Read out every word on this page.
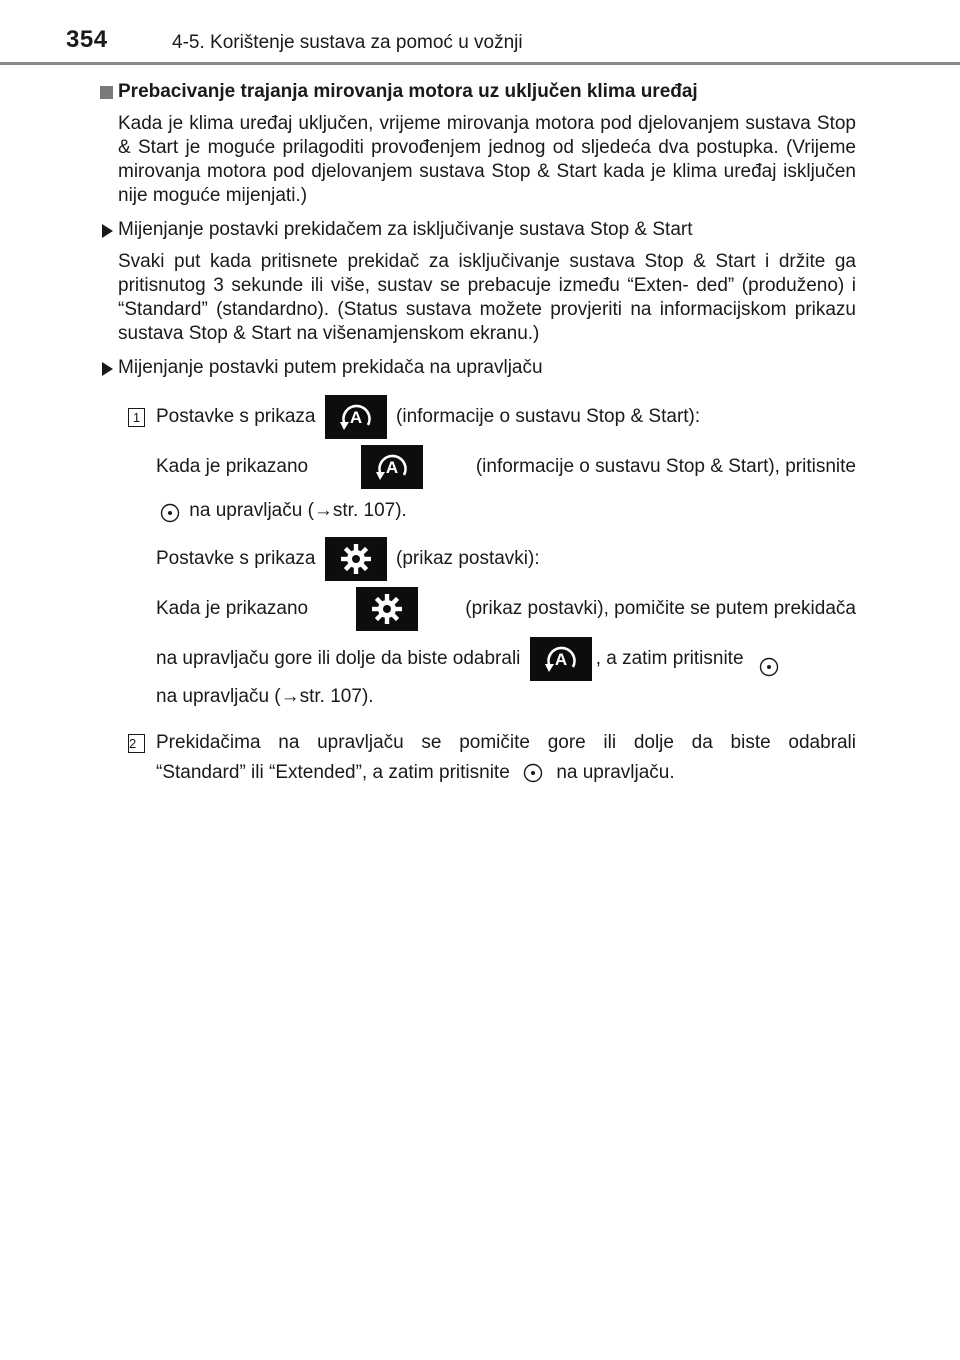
354	4-5. Korištenje sustava za pomoć u vožnji

Prebacivanje trajanja mirovanja motora uz uključen klima uređaj

Kada je klima uređaj uključen, vrijeme mirovanja motora pod djelovanjem sustava Stop & Start je moguće prilagoditi provođenjem jednog od sljedeća dva postupka. (Vrijeme mirovanja motora pod djelovanjem sustava Stop & Start kada je klima uređaj isključen nije moguće mijenjati.)

Mijenjanje postavki prekidačem za isključivanje sustava Stop & Start

Svaki put kada pritisnete prekidač za isključivanje sustava Stop & Start i držite ga pritisnutog 3 sekunde ili više, sustav se prebacuje između “Exten- ded” (produženo) i “Standard” (standardno). (Status sustava možete provjeriti na informacijskom prikazu sustava Stop & Start na višenamjenskom ekranu.)

Mijenjanje postavki putem prekidača na upravljaču

1 Postavke s prikaza A (informacije o sustavu Stop & Start):
Kada je prikazano	A	(informacije o sustavu Stop & Start), pritisnite
na upravljaču (→str. 107).
Postavke s prikaza	(prikaz postavki):
Kada je prikazano	(prikaz postavki), pomičite se putem prekidača
na upravljaču gore ili dolje da biste odabrali A , a zatim pritisnite
na upravljaču (→str. 107).

2	Prekidačima na upravljaču se pomičite gore ili dolje da biste odabrali

“Standard” ili “Extended”, a zatim pritisnite na upravljaču.
